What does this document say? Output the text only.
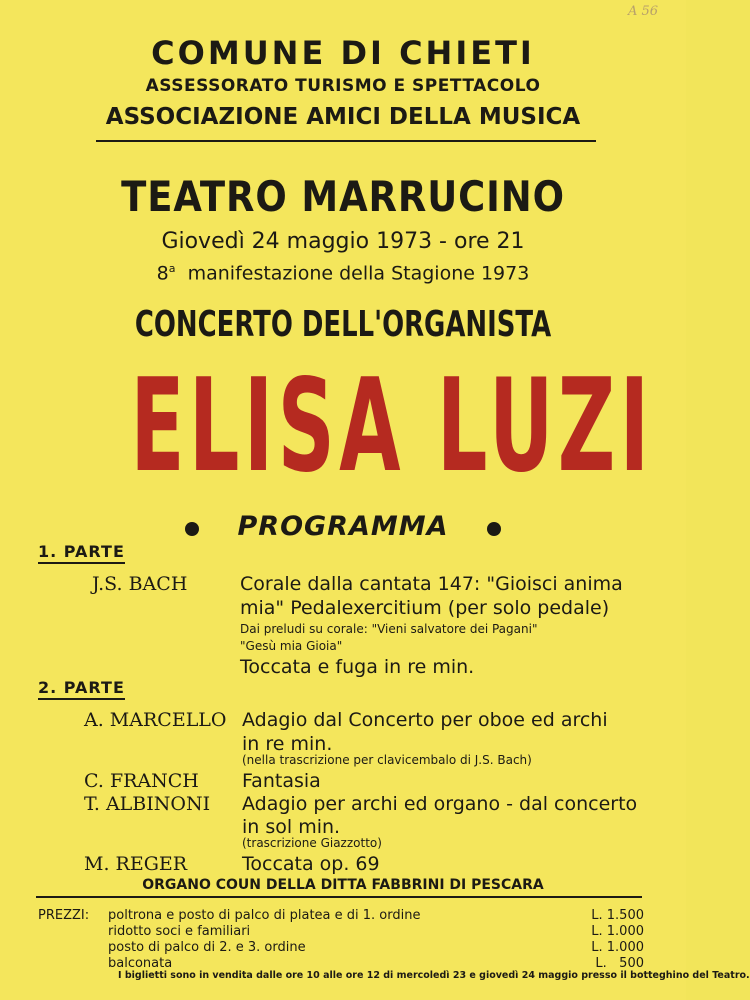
A 56
COMUNE DI CHIETI
ASSESSORATO TURISMO E SPETTACOLO
ASSOCIAZIONE AMICI DELLA MUSICA
TEATRO MARRUCINO
Giovedì 24 maggio 1973 - ore 21
8$^a$ manifestazione della Stagione 1973
CONCERTO DELL'ORGANISTA
ELISA LUZI
PROGRAMMA
1. PARTE
J.S. BACH	Corale dalla cantata 147: "Gioisci anima
mia" Pedalexercitium (per solo pedale)
Dai preludi su corale: "Vieni salvatore dei Pagani"
"Gesù mia Gioia"
Toccata e fuga in re min.
2. PARTE
A. MARCELLO Adagio dal Concerto per oboe ed archi
in re min.
(nella trascrizione per clavicembalo di J.S. Bach)
C. FRANCH Fantasia
T. ALBINONI Adagio per archi ed organo - dal concerto
in sol min.
(trascrizione Giazzotto)
M. REGER	Toccata op. 69
ORGANO COUN DELLA DITTA FABBRINI DI PESCARA
PREZZI: poltrona e posto di palco di platea e di 1. ordine
ridotto soci e familiari
posto di palco di 2. e 3. ordine
balconata
L. 1.500
L. 1.000
L. 1.000
L.   500
I biglietti sono in vendita dalle ore 10 alle ore 12 di mercoledì 23 e giovedì 24 maggio presso il botteghino del Teatro.
